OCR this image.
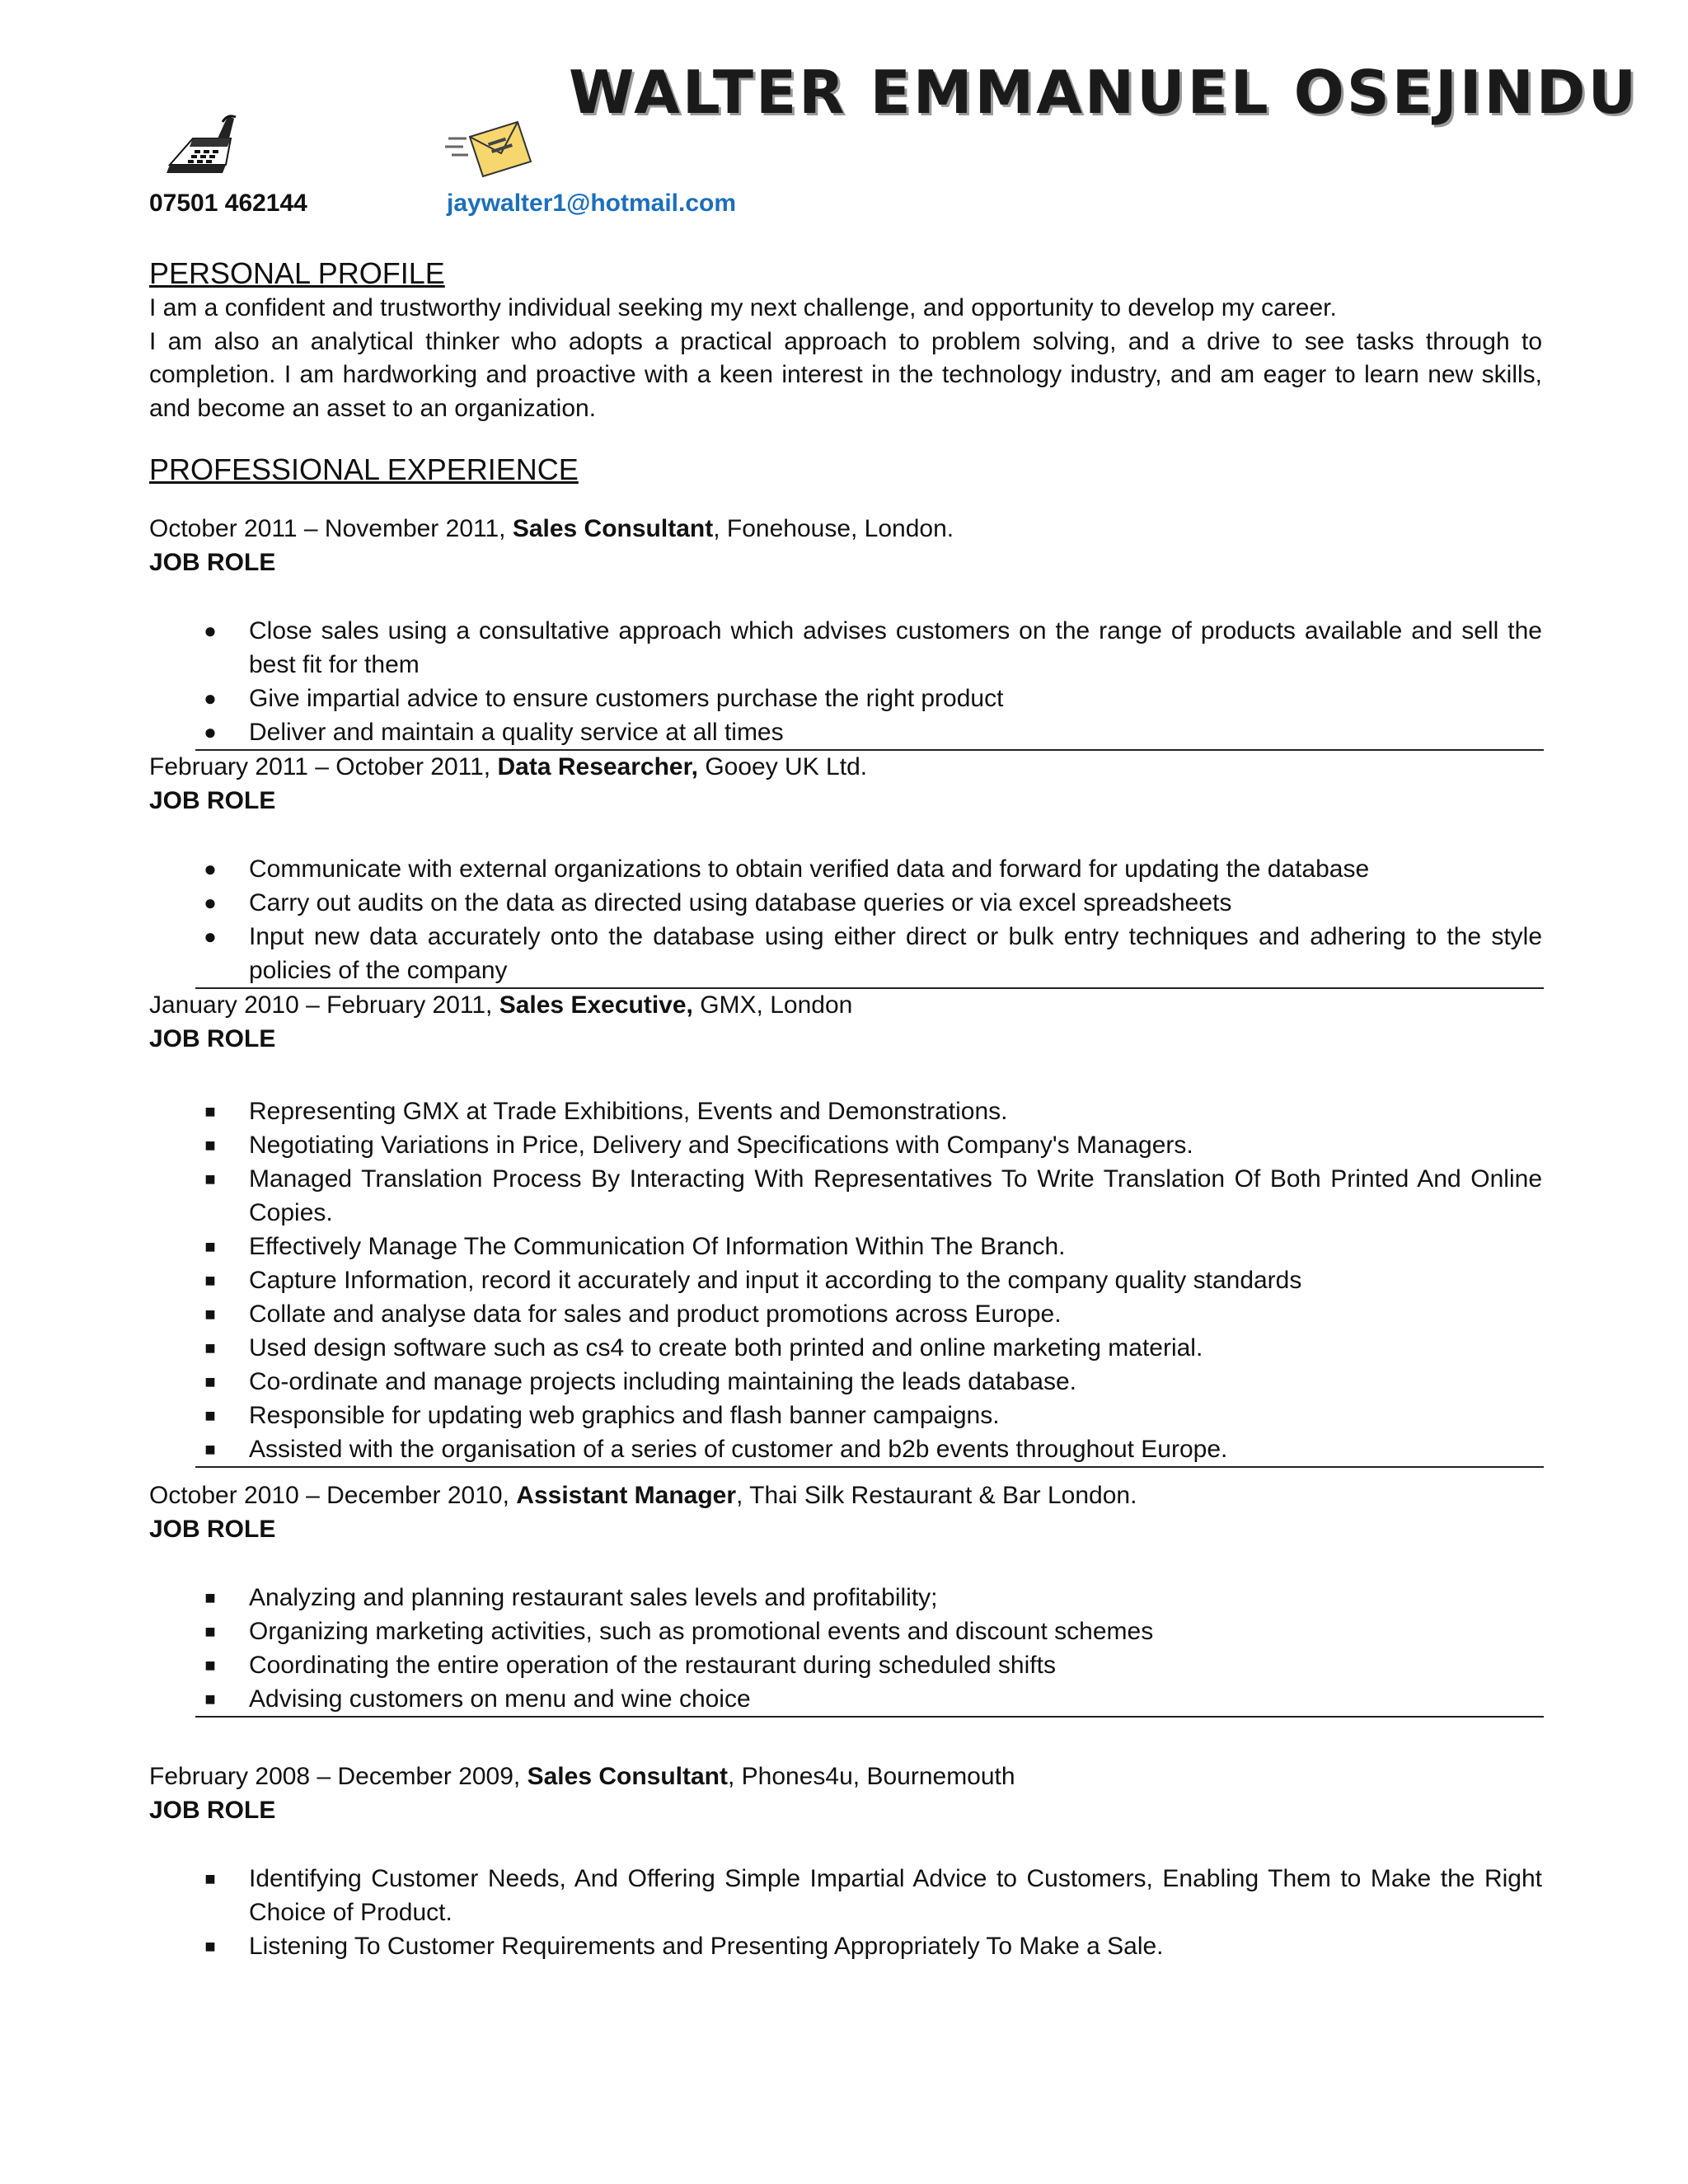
WALTER EMMANUEL OSEJINDU
07501 462144	jaywalter1@hotmail.com
PERSONAL PROFILE

I am a confident and trustworthy individual seeking my next challenge, and opportunity to develop my career.

I am also an analytical thinker who adopts a practical approach to problem solving, and a drive to see tasks through to completion. I am hardworking and proactive with a keen interest in the technology industry, and am eager to learn new skills, and become an asset to an organization.

PROFESSIONAL EXPERIENCE

October 2011 – November 2011, Sales Consultant, Fonehouse, London.

JOB ROLE

● Close sales using a consultative approach which advises customers on the range of products available and sell the best fit for them
● Give impartial advice to ensure customers purchase the right product
● Deliver and maintain a quality service at all times

February 2011 – October 2011, Data Researcher, Gooey UK Ltd.

JOB ROLE

● Communicate with external organizations to obtain verified data and forward for updating the database
● Carry out audits on the data as directed using database queries or via excel spreadsheets
● Input new data accurately onto the database using either direct or bulk entry techniques and adhering to the style policies of the company

January 2010 – February 2011, Sales Executive, GMX, London

JOB ROLE

■ Representing GMX at Trade Exhibitions, Events and Demonstrations.
■ Negotiating Variations in Price, Delivery and Specifications with Company's Managers.
■ Managed Translation Process By Interacting With Representatives To Write Translation Of Both Printed And Online Copies.
■ Effectively Manage The Communication Of Information Within The Branch.
■ Capture Information, record it accurately and input it according to the company quality standards
■ Collate and analyse data for sales and product promotions across Europe.
■ Used design software such as cs4 to create both printed and online marketing material.
■ Co-ordinate and manage projects including maintaining the leads database.
■ Responsible for updating web graphics and flash banner campaigns.
■ Assisted with the organisation of a series of customer and b2b events throughout Europe.

October 2010 – December 2010, Assistant Manager, Thai Silk Restaurant & Bar London.

JOB ROLE

■ Analyzing and planning restaurant sales levels and profitability;
■ Organizing marketing activities, such as promotional events and discount schemes
■ Coordinating the entire operation of the restaurant during scheduled shifts
■ Advising customers on menu and wine choice

February 2008 – December 2009, Sales Consultant, Phones4u, Bournemouth

JOB ROLE

■ Identifying Customer Needs, And Offering Simple Impartial Advice to Customers, Enabling Them to Make the Right Choice of Product.
■ Listening To Customer Requirements and Presenting Appropriately To Make a Sale.
